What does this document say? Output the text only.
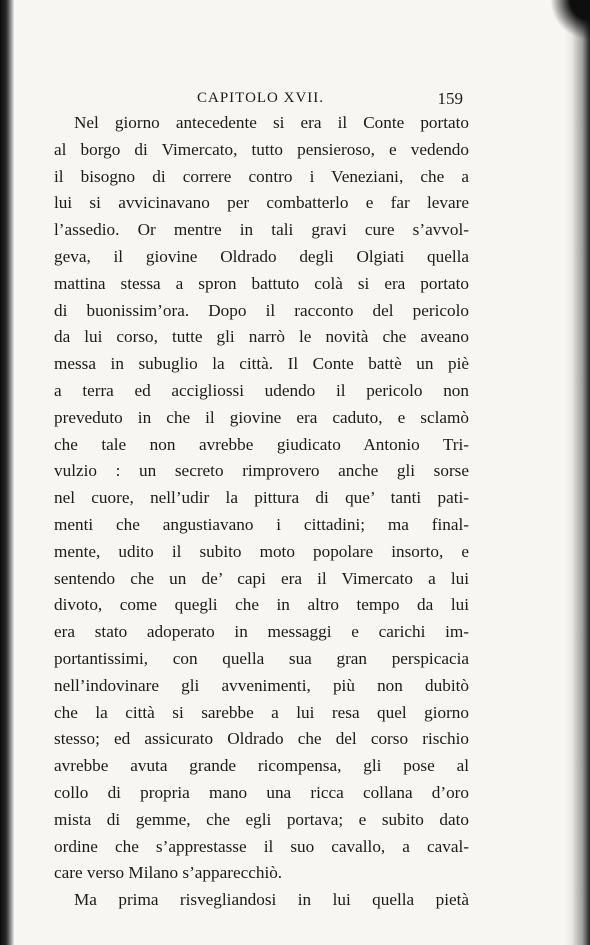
CAPITOLO XVII.	159
Nel giorno antecedente si era il Conte portato
al borgo di Vimercato, tutto pensieroso, e vedendo
il bisogno di correre contro i Veneziani, che a
lui si avvicinavano per combatterlo e far levare
l’assedio. Or mentre in tali gravi cure s’avvol-
geva, il giovine Oldrado degli Olgiati quella
mattina stessa a spron battuto colà si era portato
di buonissim’ora. Dopo il racconto del pericolo
da lui corso, tutte gli narrò le novità che aveano
messa in subuglio la città. Il Conte battè un piè
a terra ed accigliossi udendo il pericolo non
preveduto in che il giovine era caduto, e sclamò
che tale non avrebbe giudicato Antonio Tri-
vulzio : un secreto rimprovero anche gli sorse
nel cuore, nell’udir la pittura di que’ tanti pati-
menti che angustiavano i cittadini; ma final-
mente, udito il subito moto popolare insorto, e
sentendo che un de’ capi era il Vimercato a lui
divoto, come quegli che in altro tempo da lui
era stato adoperato in messaggi e carichi im-
portantissimi, con quella sua gran perspicacia
nell’indovinare gli avvenimenti, più non dubitò
che la città si sarebbe a lui resa quel giorno
stesso; ed assicurato Oldrado che del corso rischio
avrebbe avuta grande ricompensa, gli pose al
collo di propria mano una ricca collana d’oro
mista di gemme, che egli portava; e subito dato
ordine che s’apprestasse il suo cavallo, a caval-
care verso Milano s’apparecchiò.
Ma prima risvegliandosi in lui quella pietà
